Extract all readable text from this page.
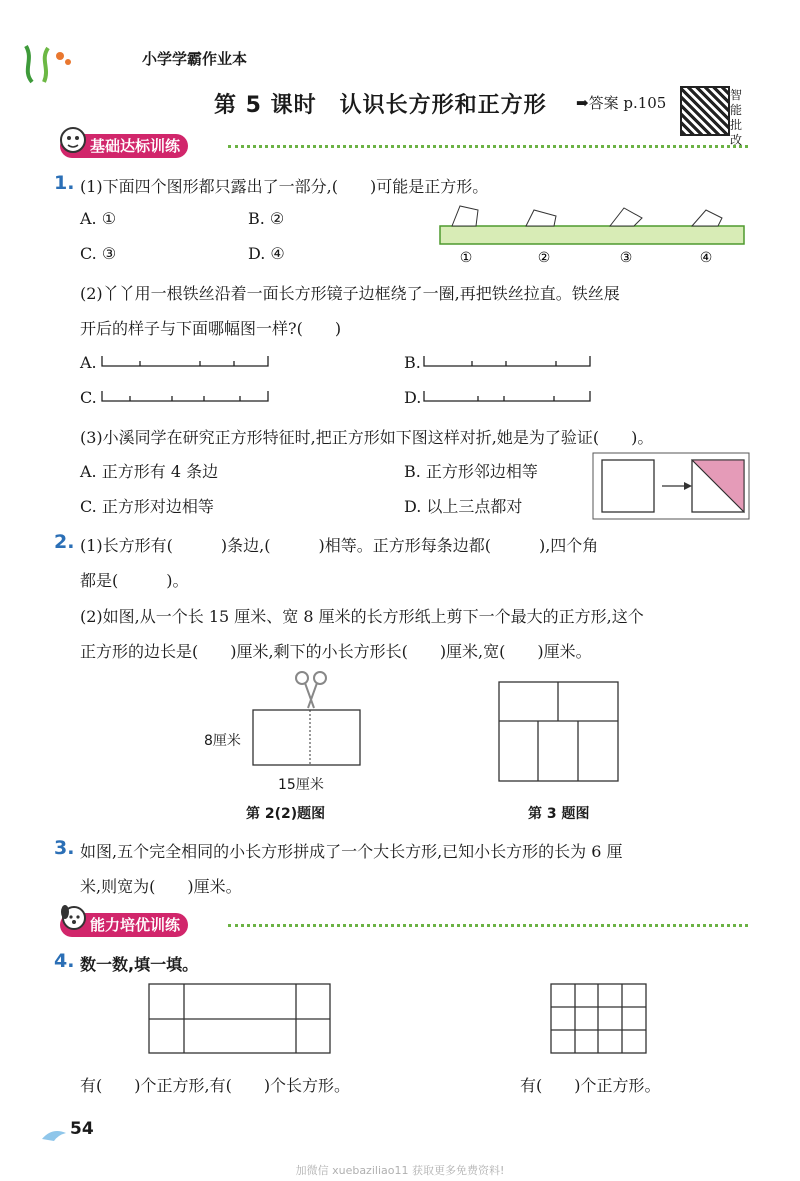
小学学霸作业本
第 5 课时　认识长方形和正方形 ➡答案 p.105	智能批改
基础达标训练
1. (1)下面四个图形都只露出了一部分,(　　)可能是正方形。
A. ①	B. ②
C. ③	D. ④	①	②	③	④
(2)丫丫用一根铁丝沿着一面长方形镜子边框绕了一圈,再把铁丝拉直。铁丝展
开后的样子与下面哪幅图一样?(　　)
A.	B.
C.	D.
(3)小溪同学在研究正方形特征时,把正方形如下图这样对折,她是为了验证(　　)。
A. 正方形有 4 条边	B. 正方形邻边相等
C. 正方形对边相等	D. 以上三点都对
2. (1)长方形有(　　　)条边,(　　　)相等。正方形每条边都(　　　),四个角
都是(　　　)。
(2)如图,从一个长 15 厘米、宽 8 厘米的长方形纸上剪下一个最大的正方形,这个
正方形的边长是(　　)厘米,剩下的小长方形长(　　)厘米,宽(　　)厘米。
8厘米
15厘米
第 2(2)题图	第 3 题图
3. 如图,五个完全相同的小长方形拼成了一个大长方形,已知小长方形的长为 6 厘
米,则宽为(　　)厘米。
能力培优训练
4. 数一数,填一填。
有(　　)个正方形,有(　　)个长方形。	有(　　)个正方形。
54
加微信 xuebaziliao11 获取更多免费资料!
